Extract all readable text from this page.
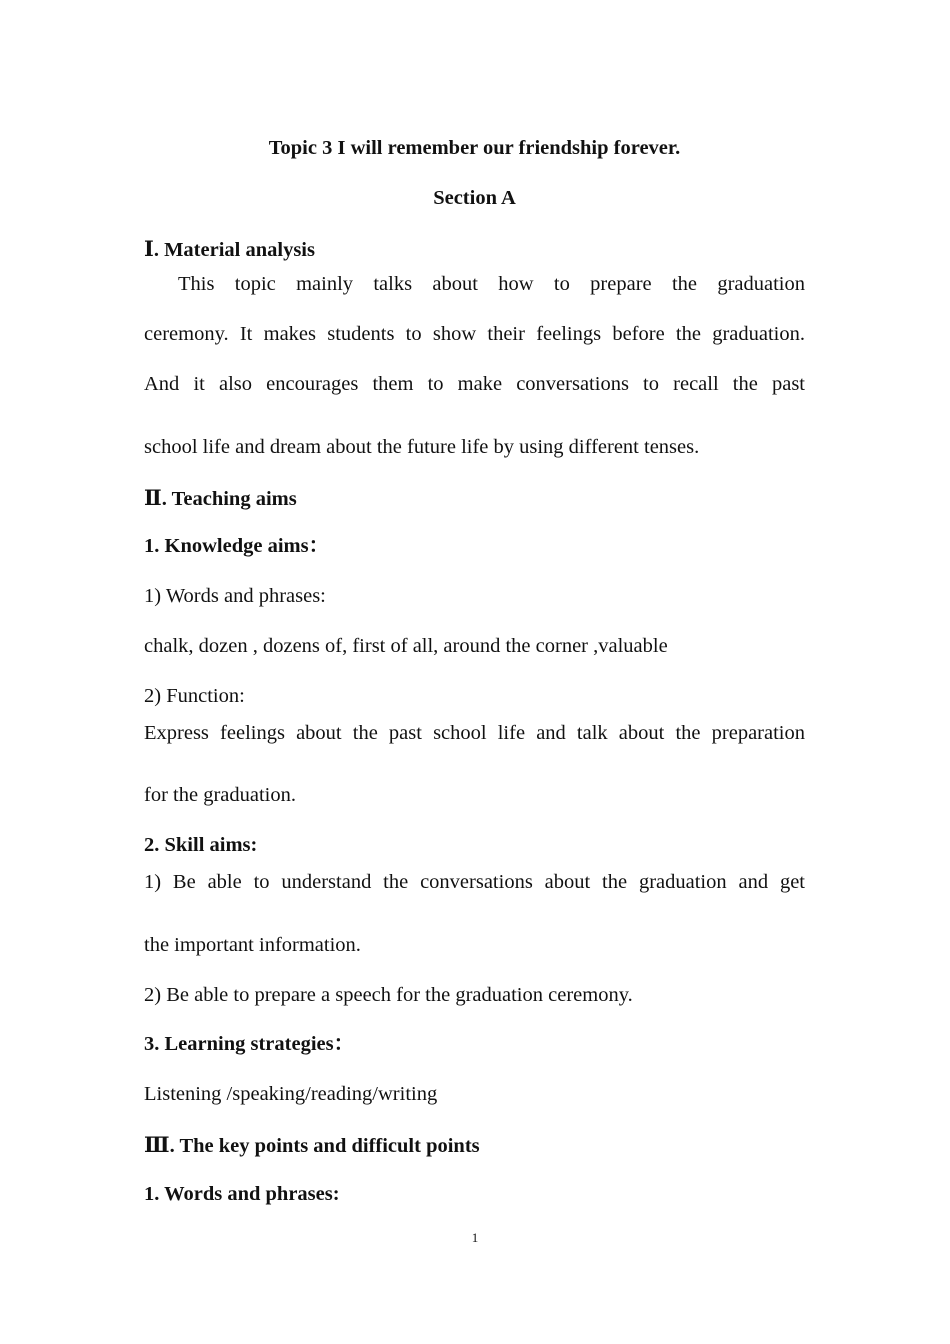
Topic 3 I will remember our friendship forever.
Section A
Ⅰ. Material analysis
This topic mainly talks about how to prepare the graduation
ceremony. It makes students to show their feelings before the graduation.
And it also encourages them to make conversations to recall the past
school life and dream about the future life by using different tenses.
Ⅱ. Teaching aims
1. Knowledge aims：
1) Words and phrases:
chalk, dozen , dozens of, first of all, around the corner ,valuable
2) Function:
Express feelings about the past school life and talk about the preparation
for the graduation.
2. Skill aims:
1) Be able to understand the conversations about the graduation and get
the important information.
2) Be able to prepare a speech for the graduation ceremony.
3. Learning strategies：
Listening /speaking/reading/writing
Ⅲ. The key points and difficult points
1. Words and phrases:
1
